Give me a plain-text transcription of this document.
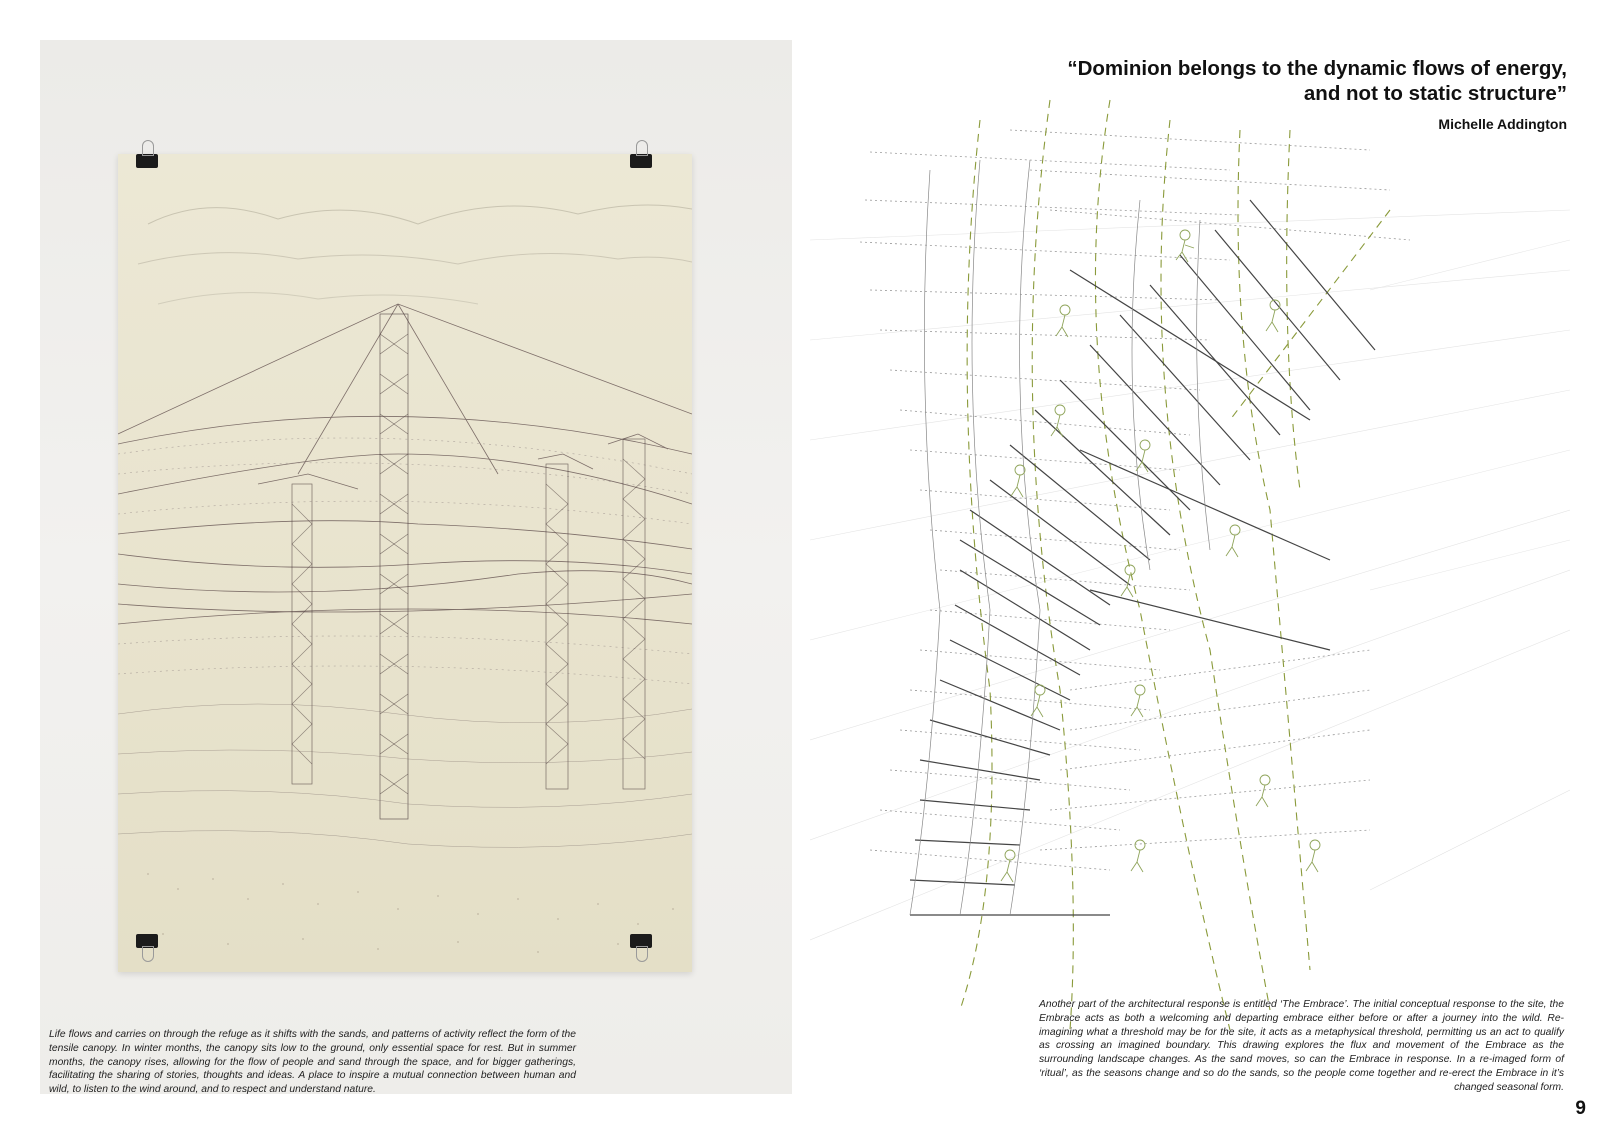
Life flows and carries on through the refuge as it shifts with the sands, and patterns of activity reflect the form of the tensile canopy. In winter months, the canopy sits low to the ground, only essential space for rest. But in summer months, the canopy rises, allowing for the flow of people and sand through the space, and for bigger gatherings, facilitating the sharing of stories, thoughts and ideas. A place to inspire a mutual connection between human and wild, to listen to the wind around, and to respect and understand nature.

“Dominion belongs to the dynamic flows of energy, and not to static structure”
Michelle Addington

Another part of the architectural response is entitled ‘The Embrace’. The initial conceptual response to the site, the Embrace acts as both a welcoming and departing embrace either before or after a journey into the wild. Re-imagining what a threshold may be for the site, it acts as a metaphysical threshold, permitting us an act to qualify as crossing an imagined boundary. This drawing explores the flux and movement of the Embrace as the surrounding landscape changes. As the sand moves, so can the Embrace in response. In a re-imaged form of ‘ritual’, as the seasons change and so do the sands, so the people come together and re-erect the Embrace in it’s changed seasonal form.

9
